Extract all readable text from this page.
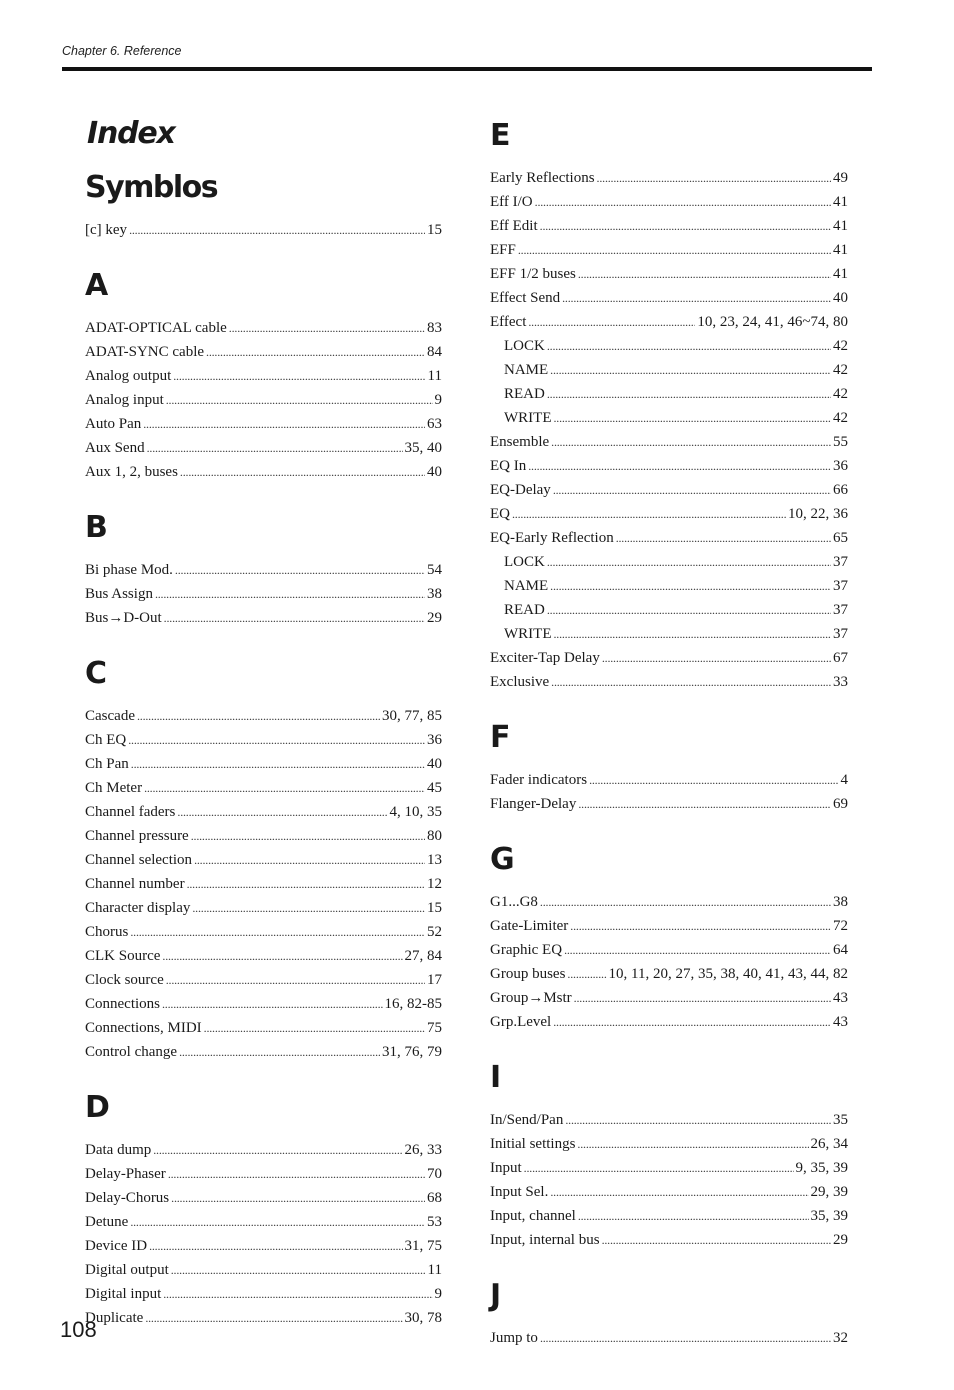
Chapter 6. Reference
Index
Symblos
[c] key . . .	15
A
ADAT-OPTICAL cable . . .	83
ADAT-SYNC cable . . .	84
Analog output . . .	11
Analog input . . .	9
Auto Pan . . .	63
Aux Send . . .	35, 40
Aux 1, 2, buses . . .	40
B
Bi phase Mod. . . .	54
Bus Assign . . .	38
Bus→D-Out . . .	29
C
Cascade . . .	30, 77, 85
Ch EQ . . .	36
Ch Pan . . .	40
Ch Meter . . .	45
Channel faders . . .	4, 10, 35
Channel pressure . . .	80
Channel selection . . .	13
Channel number . . .	12
Character display . . .	15
Chorus . . .	52
CLK Source . . .	27, 84
Clock source . . .	17
Connections . . .	16, 82-85
Connections, MIDI . . .	75
Control change . . .	31, 76, 79
D
Data dump . . .	26, 33
Delay-Phaser . . .	70
Delay-Chorus . . .	68
Detune . . .	53
Device ID . . .	31, 75
Digital output . . .	11
Digital input . . .	9
Duplicate . . .	30, 78
E
Early Reflections . . .	49
Eff I/O . . .	41
Eff Edit . . .	41
EFF . . .	41
EFF 1/2 buses . . .	41
Effect Send . . .	40
Effect . . .	10, 23, 24, 41, 46~74, 80
LOCK . . .	42
NAME . . .	42
READ . . .	42
WRITE . . .	42
Ensemble . . .	55
EQ In . . .	36
EQ-Delay . . .	66
EQ . . .	10, 22, 36
EQ-Early Reflection . . .	65
LOCK . . .	37
NAME . . .	37
READ . . .	37
WRITE . . .	37
Exciter-Tap Delay . . .	67
Exclusive . . .	33
F
Fader indicators . . .	4
Flanger-Delay . . .	69
G
G1...G8 . . .	38
Gate-Limiter . . .	72
Graphic EQ . . .	64
Group buses . . .	10, 11, 20, 27, 35, 38, 40, 41, 43, 44, 82
Group→Mstr . . .	43
Grp.Level . . .	43
I
In/Send/Pan . . .	35
Initial settings . . .	26, 34
Input . . .	9, 35, 39
Input Sel. . . .	29, 39
Input, channel . . .	35, 39
Input, internal bus . . .	29
J
Jump to . . .	32
108
